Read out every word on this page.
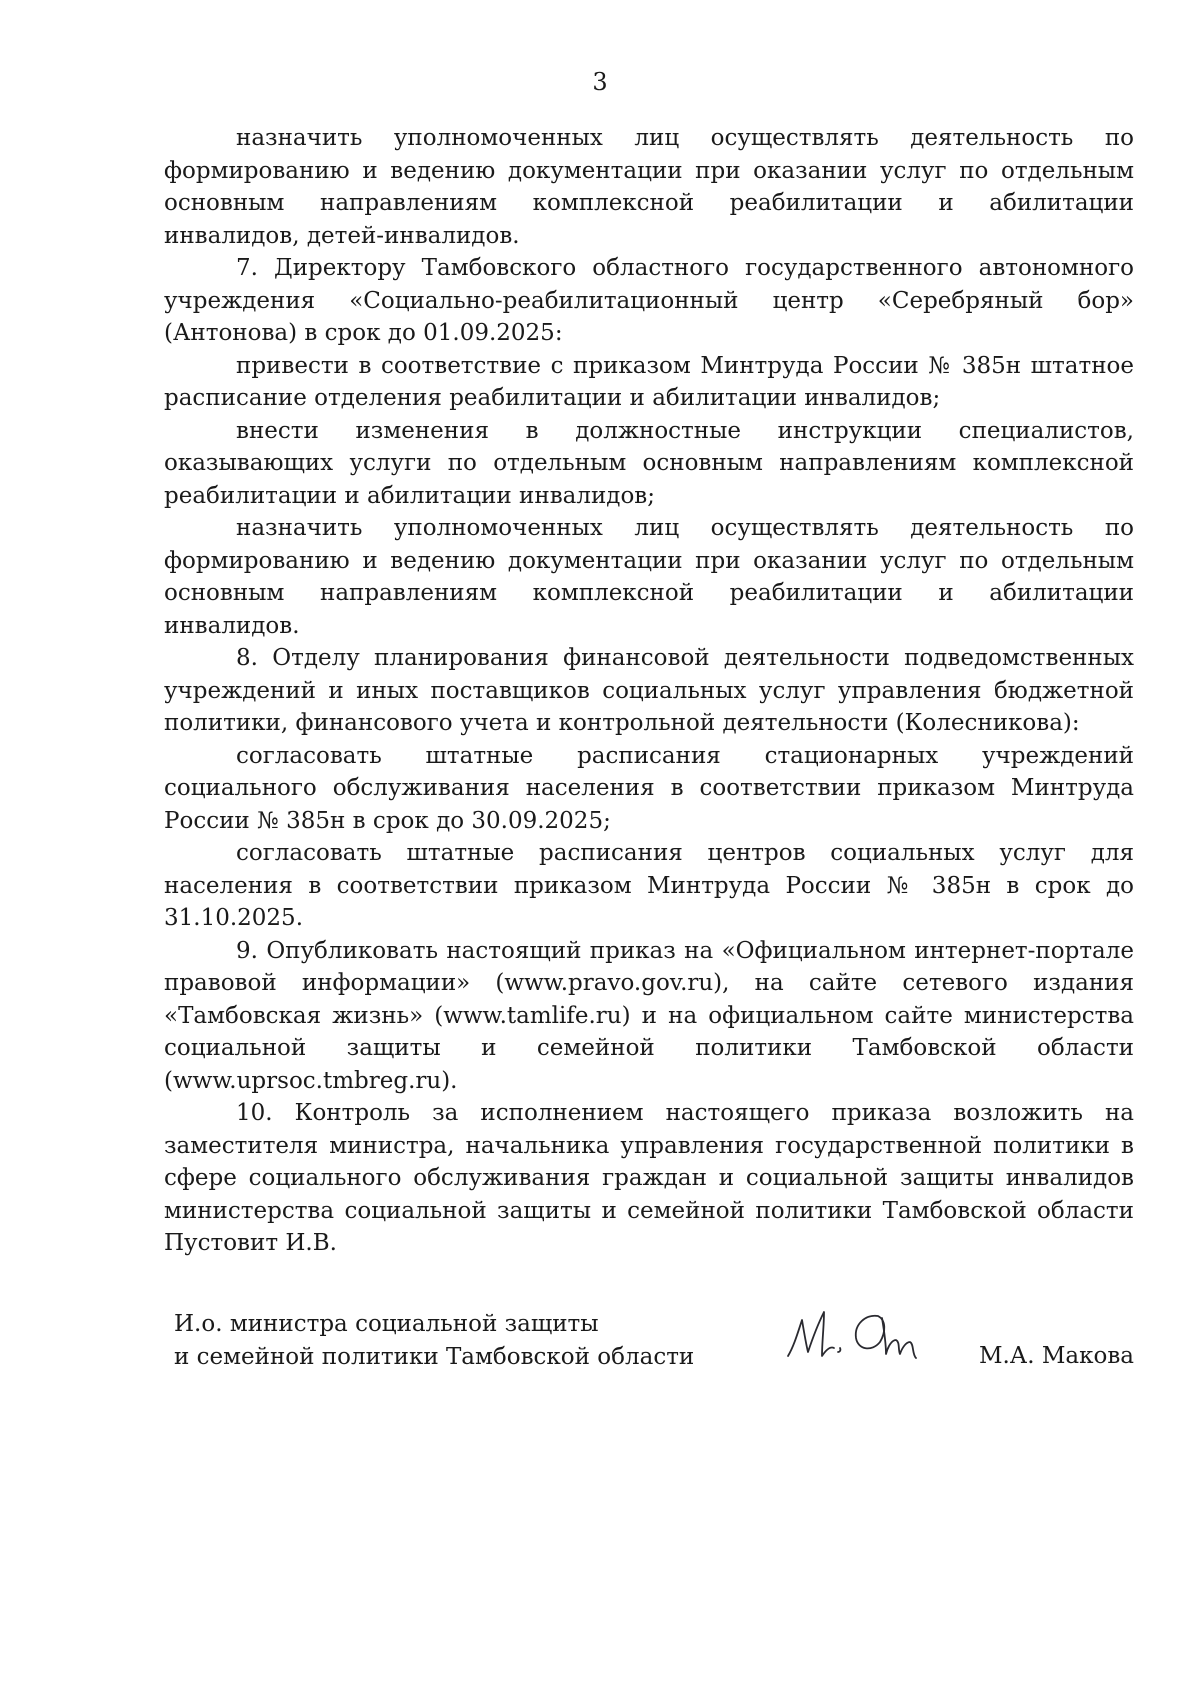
3

назначить уполномоченных лиц осуществлять деятельность по формированию и ведению документации при оказании услуг по отдельным основным направлениям комплексной реабилитации и абилитации инвалидов, детей-инвалидов.

7. Директору Тамбовского областного государственного автономного учреждения «Социально-реабилитационный центр «Серебряный бор» (Антонова) в срок до 01.09.2025:

привести в соответствие с приказом Минтруда России № 385н штатное расписание отделения реабилитации и абилитации инвалидов;

внести изменения в должностные инструкции специалистов, оказывающих услуги по отдельным основным направлениям комплексной реабилитации и абилитации инвалидов;

назначить уполномоченных лиц осуществлять деятельность по формированию и ведению документации при оказании услуг по отдельным основным направлениям комплексной реабилитации и абилитации инвалидов.

8. Отделу планирования финансовой деятельности подведомственных учреждений и иных поставщиков социальных услуг управления бюджетной политики, финансового учета и контрольной деятельности (Колесникова):

согласовать штатные расписания стационарных учреждений социального обслуживания населения в соответствии приказом Минтруда России № 385н в срок до 30.09.2025;

согласовать штатные расписания центров социальных услуг для населения в соответствии приказом Минтруда России № 385н в срок до 31.10.2025.

9. Опубликовать настоящий приказ на «Официальном интернет-портале правовой информации» (www.pravo.gov.ru), на сайте сетевого издания «Тамбовская жизнь» (www.tamlife.ru) и на официальном сайте министерства социальной защиты и семейной политики Тамбовской области (www.uprsoc.tmbreg.ru).

10. Контроль за исполнением настоящего приказа возложить на заместителя министра, начальника управления государственной политики в сфере социального обслуживания граждан и социальной защиты инвалидов министерства социальной защиты и семейной политики Тамбовской области Пустовит И.В.

И.о. министра социальной защиты
и семейной политики Тамбовской области	М.А. Макова
